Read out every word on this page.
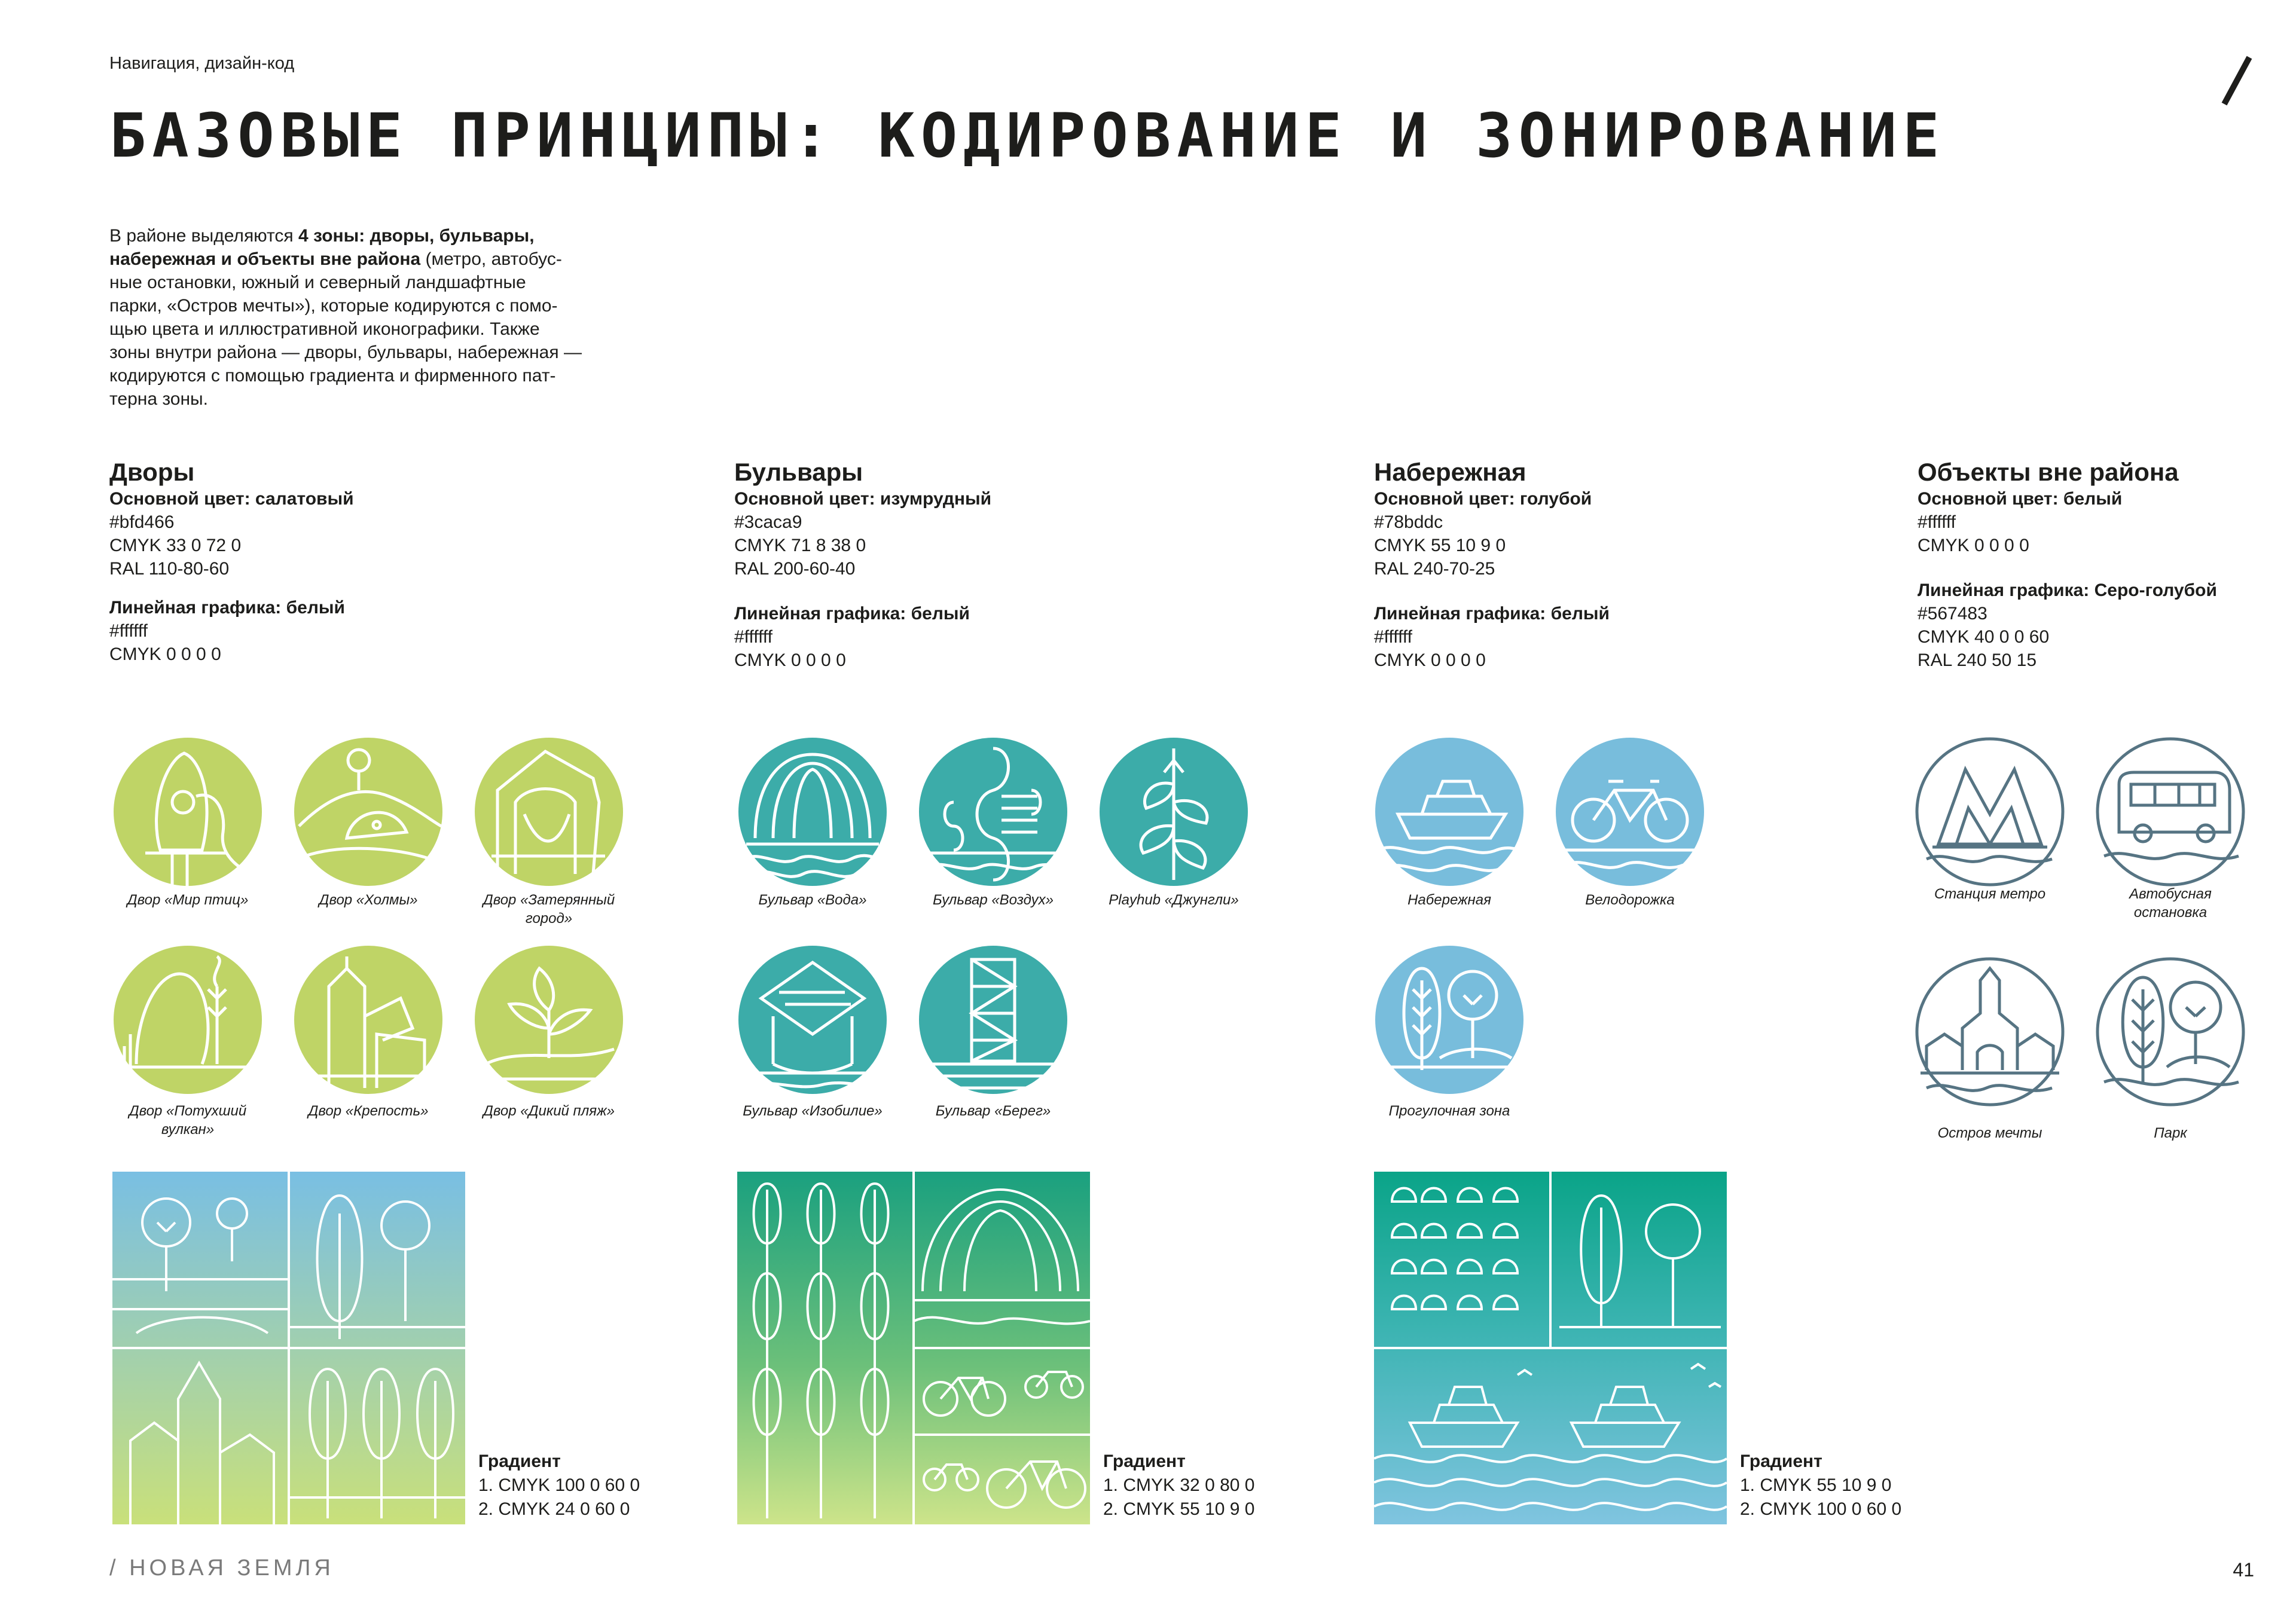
Навигация, дизайн-код
БАЗОВЫЕ ПРИНЦИПЫ: КОДИРОВАНИЕ И ЗОНИРОВАНИЕ

В районе выделяются 4 зоны: дворы, бульвары,

набережная и объекты вне района (метро, автобус-

ные остановки, южный и северный ландшафтные

парки, «Остров мечты»), которые кодируются с помо-

щью цвета и иллюстративной иконографики. Также

зоны внутри района — дворы, бульвары, набережная —

кодируются с помощью градиента и фирменного пат-

терна зоны.

Дворы
Основной цвет: салатовый
#bfd466
CMYK 33 0 72 0
RAL 110-80-60
Линейная графика: белый
#ffffff
CMYK 0 0 0 0
Бульвары
Основной цвет: изумрудный
#3caca9
CMYK 71 8 38 0
RAL 200-60-40
Линейная графика: белый
#ffffff
CMYK 0 0 0 0
Набережная
Основной цвет: голубой
#78bddc
CMYK 55 10 9 0
RAL 240-70-25
Линейная графика: белый
#ffffff
CMYK 0 0 0 0
Объекты вне района
Основной цвет: белый
#ffffff
CMYK 0 0 0 0
Линейная графика: Серо-голубой
#567483
CMYK 40 0 0 60
RAL 240 50 15
Двор «Мир птиц»	Двор «Холмы»	Двор «Затерянный
город»
Двор «Потухший
вулкан»
Двор «Крепость»	Двор «Дикий пляж»
Бульвар «Вода»	Бульвар «Воздух»	Playhub «Джунгли»
Бульвар «Изобилие»	Бульвар «Берег»
Набережная	Велодорожка
Прогулочная зона
Станция метро	Автобусная
остановка
Остров мечты	Парк
Градиент
1. CMYK 100 0 60 0
2. CMYK 24 0 60 0
Градиент
1. CMYK 32 0 80 0
2. CMYK 55 10 9 0
Градиент
1. CMYK 55 10 9 0
2. CMYK 100 0 60 0
/ НОВАЯ ЗЕМЛЯ	41
